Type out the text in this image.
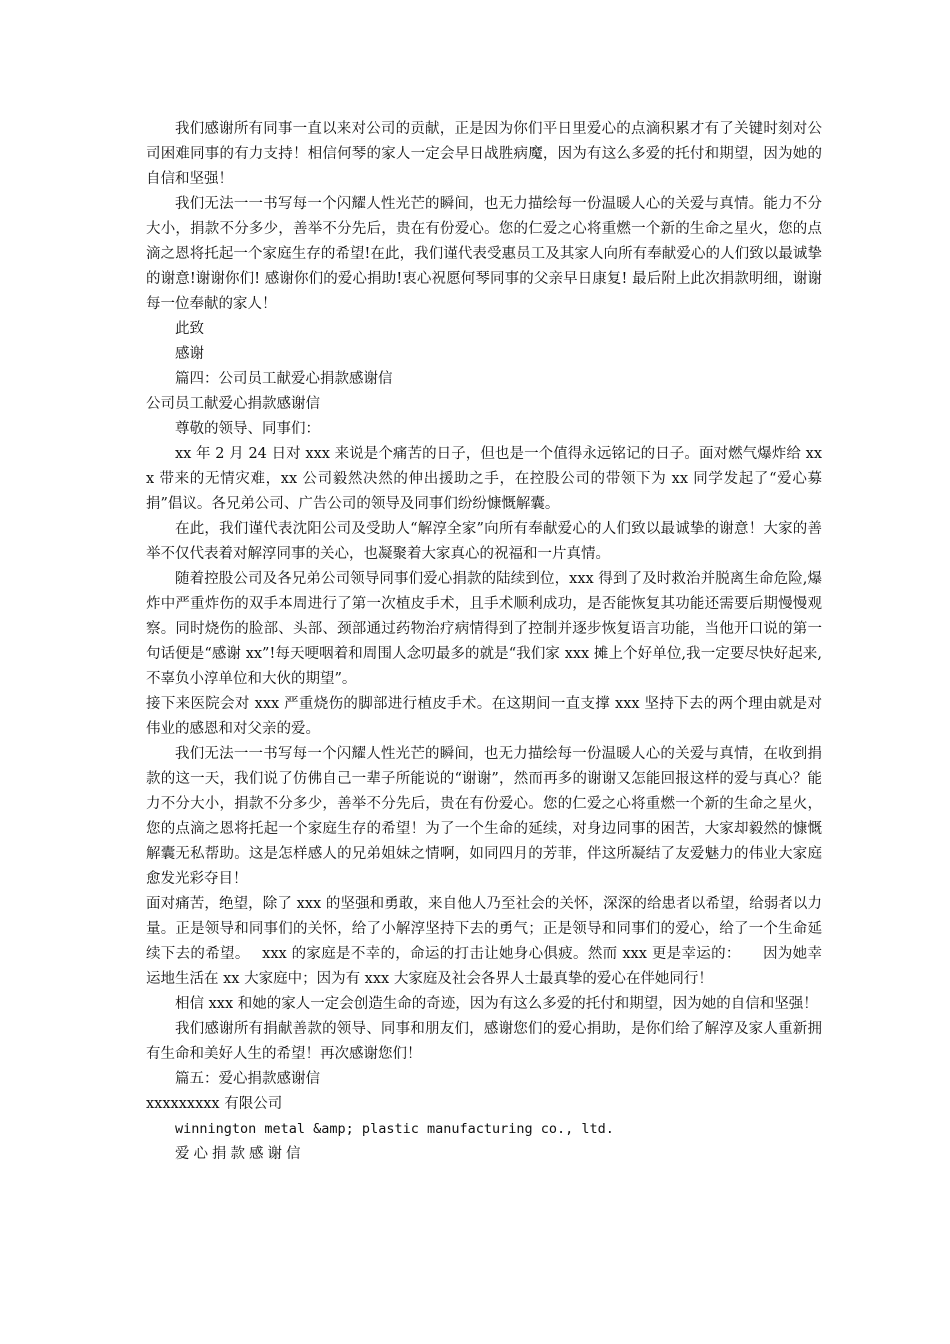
我们感谢所有同事一直以来对公司的贡献，正是因为你们平日里爱心的点滴积累才有了关键时刻对公司困难同事的有力支持！相信何琴的家人一定会早日战胜病魔，因为有这么多爱的托付和期望，因为她的自信和坚强！

我们无法一一书写每一个闪耀人性光芒的瞬间，也无力描绘每一份温暖人心的关爱与真情。能力不分大小，捐款不分多少，善举不分先后，贵在有份爱心。您的仁爱之心将重燃一个新的生命之星火，您的点滴之恩将托起一个家庭生存的希望!在此，我们谨代表受惠员工及其家人向所有奉献爱心的人们致以最诚挚的谢意!谢谢你们! 感谢你们的爱心捐助!衷心祝愿何琴同事的父亲早日康复! 最后附上此次捐款明细，谢谢每一位奉献的家人！

此致

感谢

篇四：公司员工献爱心捐款感谢信

公司员工献爱心捐款感谢信

尊敬的领导、同事们：

xx 年 2 月 24 日对 xxx 来说是个痛苦的日子，但也是一个值得永远铭记的日子。面对燃气爆炸给 xxx 带来的无情灾难，xx 公司毅然决然的伸出援助之手，在控股公司的带领下为 xx 同学发起了“爱心募捐”倡议。各兄弟公司、广告公司的领导及同事们纷纷慷慨解囊。

在此，我们谨代表沈阳公司及受助人“解淳全家”向所有奉献爱心的人们致以最诚挚的谢意！大家的善举不仅代表着对解淳同事的关心，也凝聚着大家真心的祝福和一片真情。

随着控股公司及各兄弟公司领导同事们爱心捐款的陆续到位，xxx 得到了及时救治并脱离生命危险,爆炸中严重炸伤的双手本周进行了第一次植皮手术，且手术顺利成功，是否能恢复其功能还需要后期慢慢观察。同时烧伤的脸部、头部、颈部通过药物治疗病情得到了控制并逐步恢复语言功能，当他开口说的第一句话便是“感谢 xx”!每天哽咽着和周围人念叨最多的就是“我们家 xxx 摊上个好单位,我一定要尽快好起来,不辜负小淳单位和大伙的期望”。

接下来医院会对 xxx 严重烧伤的脚部进行植皮手术。在这期间一直支撑 xxx 坚持下去的两个理由就是对伟业的感恩和对父亲的爱。

我们无法一一书写每一个闪耀人性光芒的瞬间，也无力描绘每一份温暖人心的关爱与真情，在收到捐款的这一天，我们说了仿佛自己一辈子所能说的“谢谢”，然而再多的谢谢又怎能回报这样的爱与真心？能力不分大小，捐款不分多少，善举不分先后，贵在有份爱心。您的仁爱之心将重燃一个新的生命之星火，您的点滴之恩将托起一个家庭生存的希望！为了一个生命的延续，对身边同事的困苦，大家却毅然的慷慨解囊无私帮助。这是怎样感人的兄弟姐妹之情啊，如同四月的芳菲，伴这所凝结了友爱魅力的伟业大家庭愈发光彩夺目！

面对痛苦，绝望，除了 xxx 的坚强和勇敢，来自他人乃至社会的关怀，深深的给患者以希望，给弱者以力量。正是领导和同事们的关怀，给了小解淳坚持下去的勇气；正是领导和同事们的爱心，给了一个生命延续下去的希望。　 xxx 的家庭是不幸的，命运的打击让她身心俱疲。然而 xxx 更是幸运的：　　因为她幸运地生活在 xx 大家庭中；因为有 xxx 大家庭及社会各界人士最真挚的爱心在伴她同行！

相信 xxx 和她的家人一定会创造生命的奇迹，因为有这么多爱的托付和期望，因为她的自信和坚强！

我们感谢所有捐献善款的领导、同事和朋友们，感谢您们的爱心捐助，是你们给了解淳及家人重新拥有生命和美好人生的希望！再次感谢您们！

篇五：爱心捐款感谢信

xxxxxxxxx 有限公司

winnington metal &amp; plastic manufacturing co., ltd.

爱心捐款感谢信
